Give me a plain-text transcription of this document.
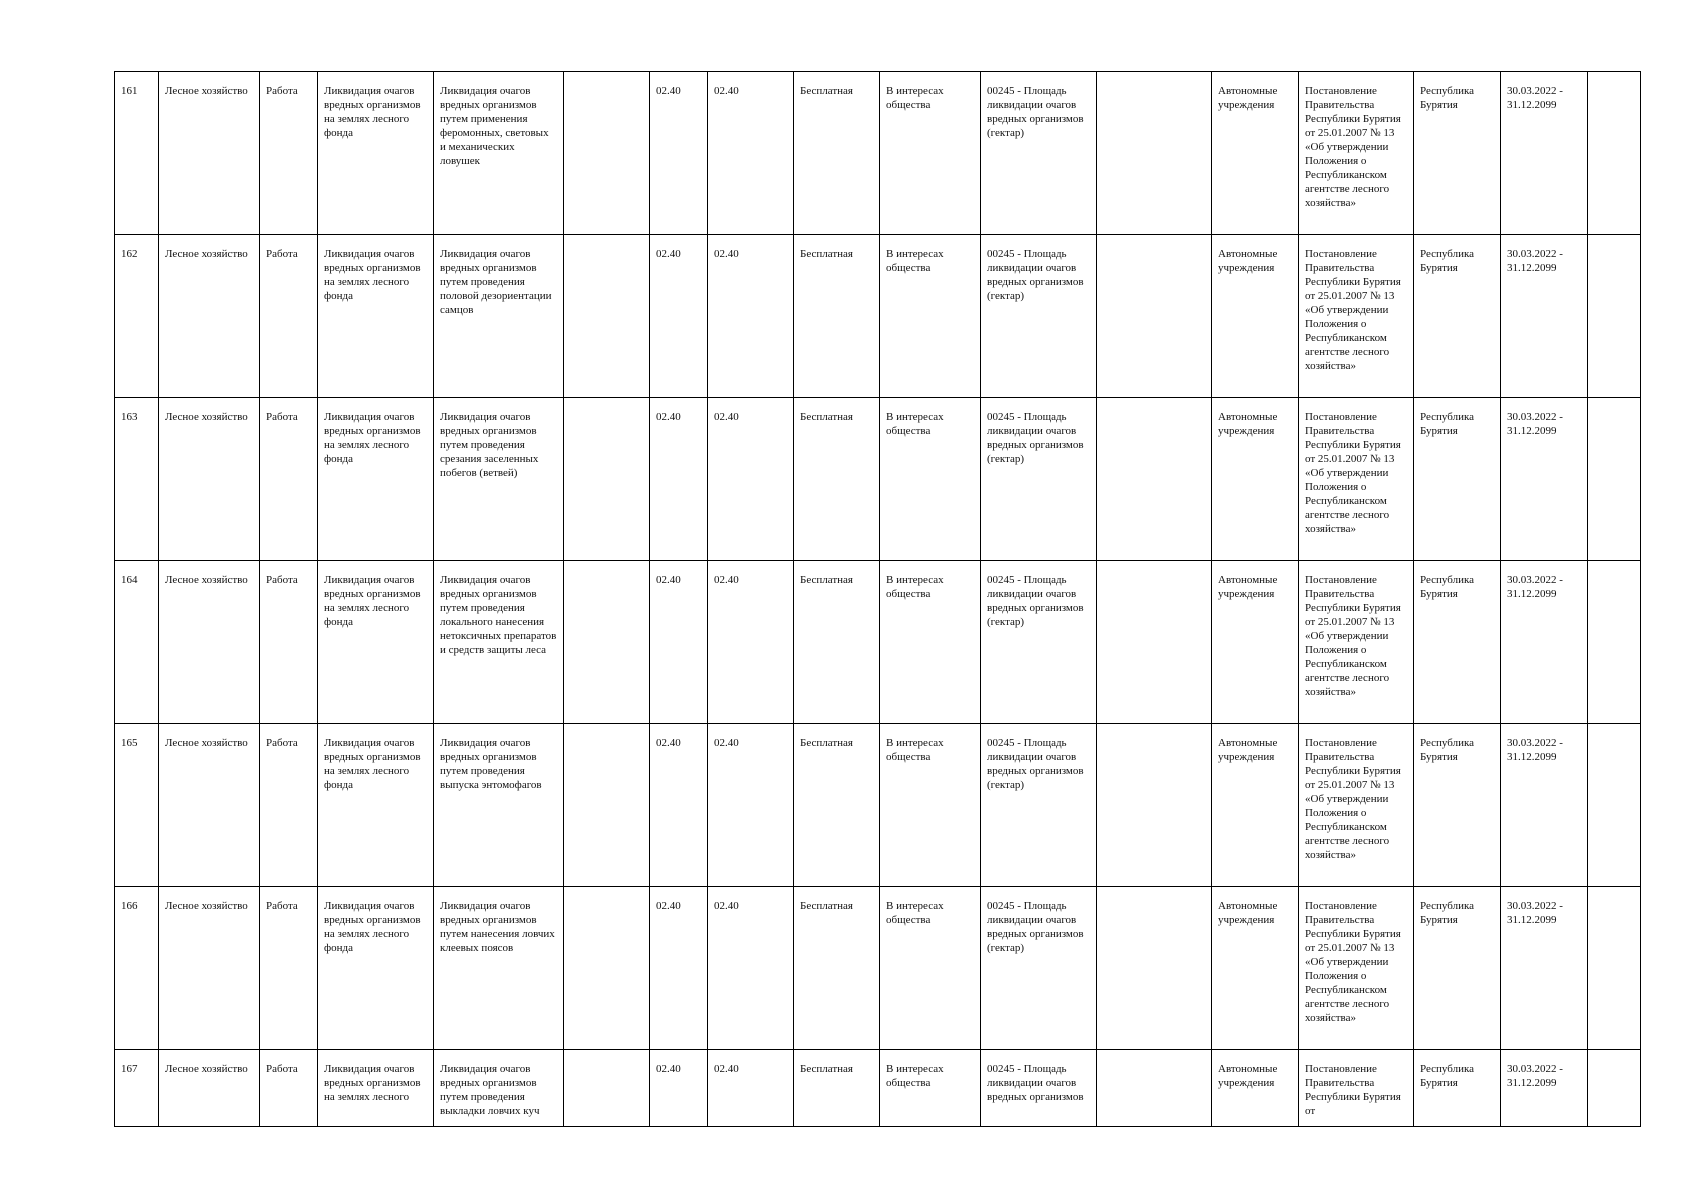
161	Лесное хозяйство	Работа	Ликвидация очагов вредных организмов на землях лесного фонда	Ликвидация очагов вредных организмов путем применения феромонных, световых и механических ловушек		02.40	02.40	Бесплатная	В интересах общества	00245 - Площадь ликвидации очагов вредных организмов (гектар)		Автономные учреждения	Постановление Правительства Республики Бурятия от 25.01.2007 № 13 «Об утверждении Положения о Республиканском агентстве лесного хозяйства»	Республика Бурятия	30.03.2022 - 31.12.2099	
162	Лесное хозяйство	Работа	Ликвидация очагов вредных организмов на землях лесного фонда	Ликвидация очагов вредных организмов путем проведения половой дезориентации самцов		02.40	02.40	Бесплатная	В интересах общества	00245 - Площадь ликвидации очагов вредных организмов (гектар)		Автономные учреждения	Постановление Правительства Республики Бурятия от 25.01.2007 № 13 «Об утверждении Положения о Республиканском агентстве лесного хозяйства»	Республика Бурятия	30.03.2022 - 31.12.2099	
163	Лесное хозяйство	Работа	Ликвидация очагов вредных организмов на землях лесного фонда	Ликвидация очагов вредных организмов путем проведения срезания заселенных побегов (ветвей)		02.40	02.40	Бесплатная	В интересах общества	00245 - Площадь ликвидации очагов вредных организмов (гектар)		Автономные учреждения	Постановление Правительства Республики Бурятия от 25.01.2007 № 13 «Об утверждении Положения о Республиканском агентстве лесного хозяйства»	Республика Бурятия	30.03.2022 - 31.12.2099	
164	Лесное хозяйство	Работа	Ликвидация очагов вредных организмов на землях лесного фонда	Ликвидация очагов вредных организмов путем проведения локального нанесения нетоксичных препаратов и средств защиты леса		02.40	02.40	Бесплатная	В интересах общества	00245 - Площадь ликвидации очагов вредных организмов (гектар)		Автономные учреждения	Постановление Правительства Республики Бурятия от 25.01.2007 № 13 «Об утверждении Положения о Республиканском агентстве лесного хозяйства»	Республика Бурятия	30.03.2022 - 31.12.2099	
165	Лесное хозяйство	Работа	Ликвидация очагов вредных организмов на землях лесного фонда	Ликвидация очагов вредных организмов путем проведения выпуска энтомофагов		02.40	02.40	Бесплатная	В интересах общества	00245 - Площадь ликвидации очагов вредных организмов (гектар)		Автономные учреждения	Постановление Правительства Республики Бурятия от 25.01.2007 № 13 «Об утверждении Положения о Республиканском агентстве лесного хозяйства»	Республика Бурятия	30.03.2022 - 31.12.2099	
166	Лесное хозяйство	Работа	Ликвидация очагов вредных организмов на землях лесного фонда	Ликвидация очагов вредных организмов путем нанесения ловчих клеевых поясов		02.40	02.40	Бесплатная	В интересах общества	00245 - Площадь ликвидации очагов вредных организмов (гектар)		Автономные учреждения	Постановление Правительства Республики Бурятия от 25.01.2007 № 13 «Об утверждении Положения о Республиканском агентстве лесного хозяйства»	Республика Бурятия	30.03.2022 - 31.12.2099	
167	Лесное хозяйство	Работа	Ликвидация очагов вредных организмов на землях лесного	Ликвидация очагов вредных организмов путем проведения выкладки ловчих куч		02.40	02.40	Бесплатная	В интересах общества	00245 - Площадь ликвидации очагов вредных организмов		Автономные учреждения	Постановление Правительства Республики Бурятия от	Республика Бурятия	30.03.2022 - 31.12.2099	
